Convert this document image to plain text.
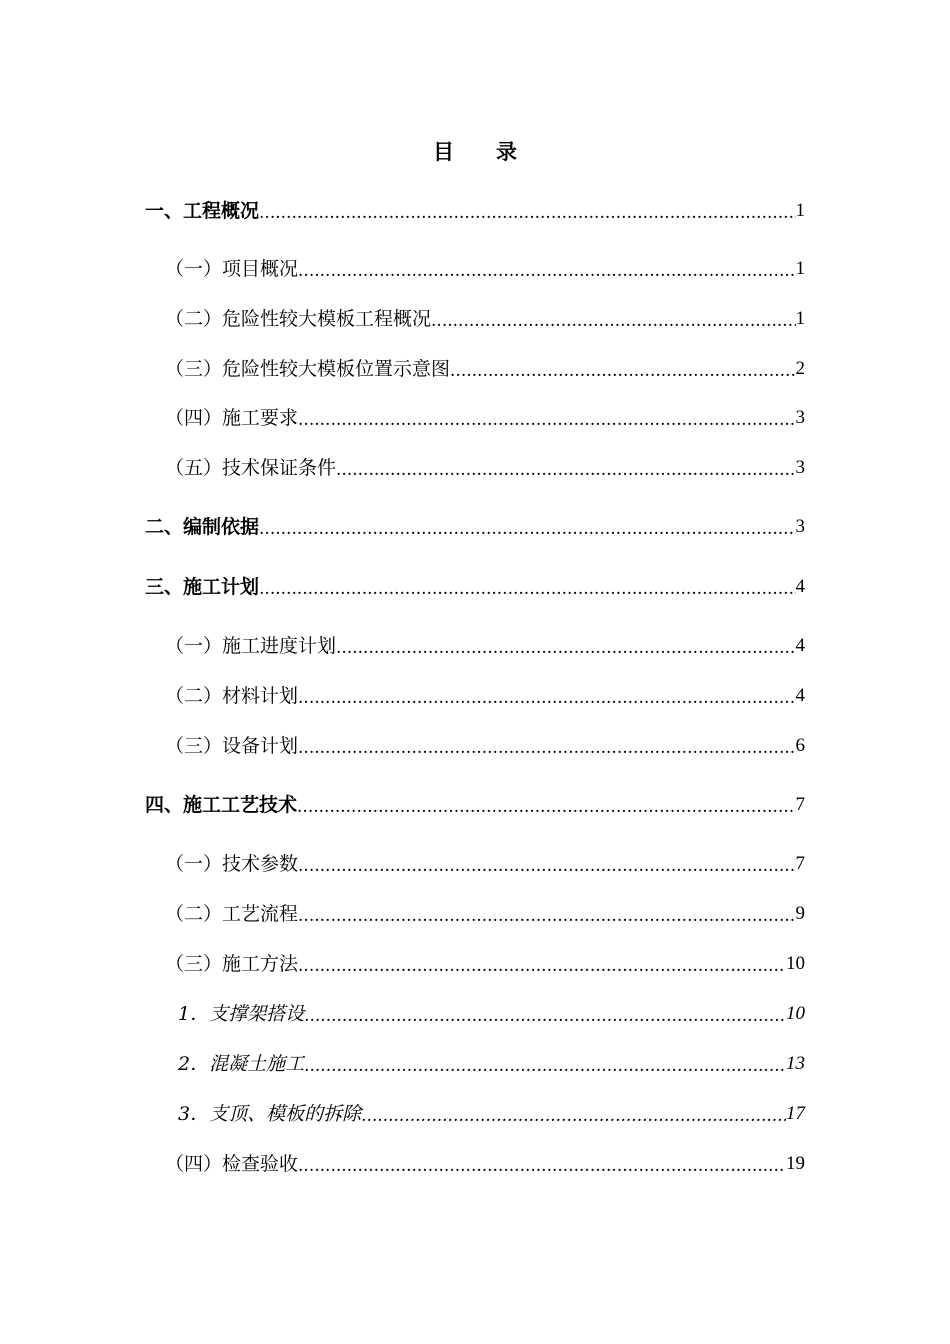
目 录
一、工程概况 .....	1
（一）项目概况 .....	1
（二）危险性较大模板工程概况 .....	1
（三）危险性较大模板位置示意图 .....	2
（四）施工要求 .....	3
（五）技术保证条件 .....	3
二、编制依据 .....	3
三、施工计划 .....	4
（一）施工进度计划 .....	4
（二）材料计划 .....	4
（三）设备计划 .....	6
四、施工工艺技术 .....	7
（一）技术参数 .....	7
（二）工艺流程 .....	9
（三）施工方法 .....	10
1．支撑架搭设 .....	10
2．混凝土施工 .....	13
3．支顶、模板的拆除 .....	17
（四）检查验收 .....	19
